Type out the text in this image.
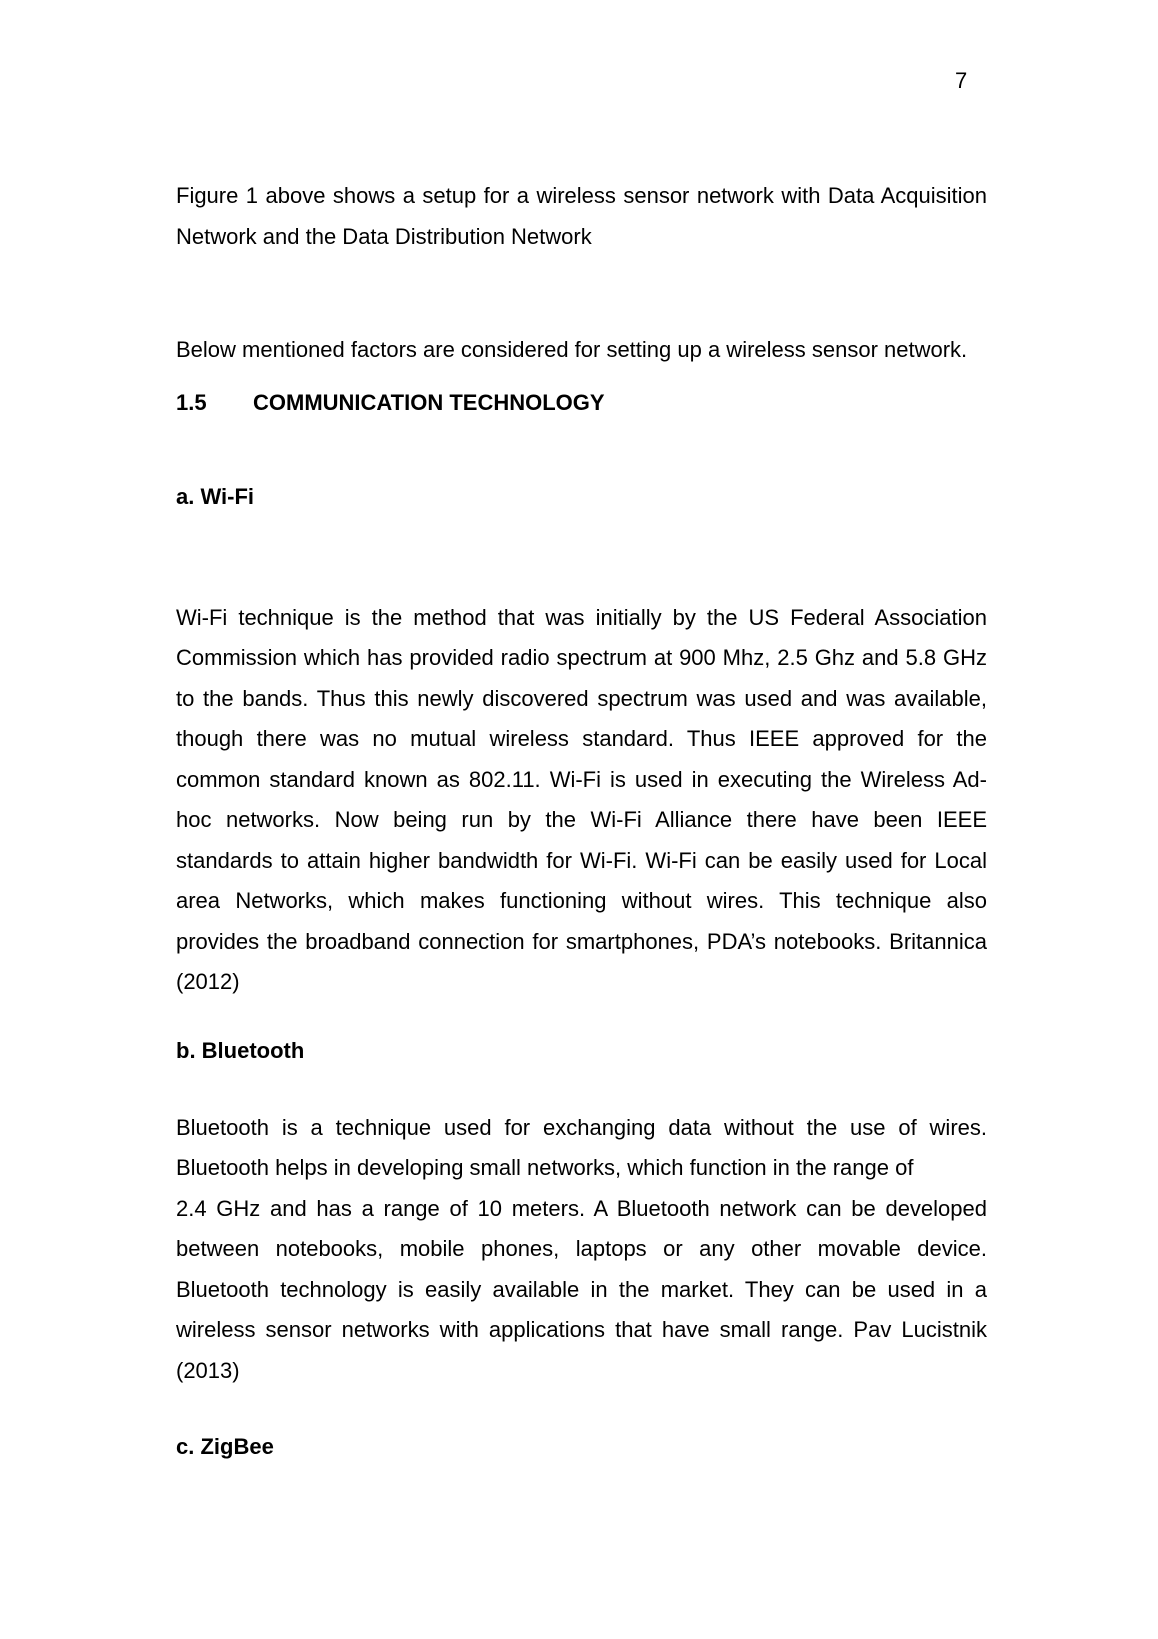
7

Figure 1 above shows a setup for a wireless sensor network with Data Acquisition Network and the Data Distribution Network

Below mentioned factors are considered for setting up a wireless sensor network.

1.5	COMMUNICATION TECHNOLOGY

a. Wi-Fi

Wi-Fi technique is the method that was initially by the US Federal Association Commission which has provided radio spectrum at 900 Mhz, 2.5 Ghz and 5.8 GHz to the bands. Thus this newly discovered spectrum was used and was available, though there was no mutual wireless standard. Thus IEEE approved for the common standard known as 802.11. Wi-Fi is used in executing the Wireless Ad-hoc networks. Now being run by the Wi-Fi Alliance there have been IEEE standards to attain higher bandwidth for Wi-Fi. Wi-Fi can be easily used for Local area Networks, which makes functioning without wires. This technique also provides the broadband connection for smartphones, PDA’s notebooks. Britannica (2012)

b. Bluetooth

Bluetooth is a technique used for exchanging data without the use of wires.
Bluetooth helps in developing small networks, which function in the range of

2.4 GHz and has a range of 10 meters. A Bluetooth network can be developed between notebooks, mobile phones, laptops or any other movable device. Bluetooth technology is easily available in the market. They can be used in a wireless sensor networks with applications that have small range. Pav Lucistnik (2013)

c. ZigBee
